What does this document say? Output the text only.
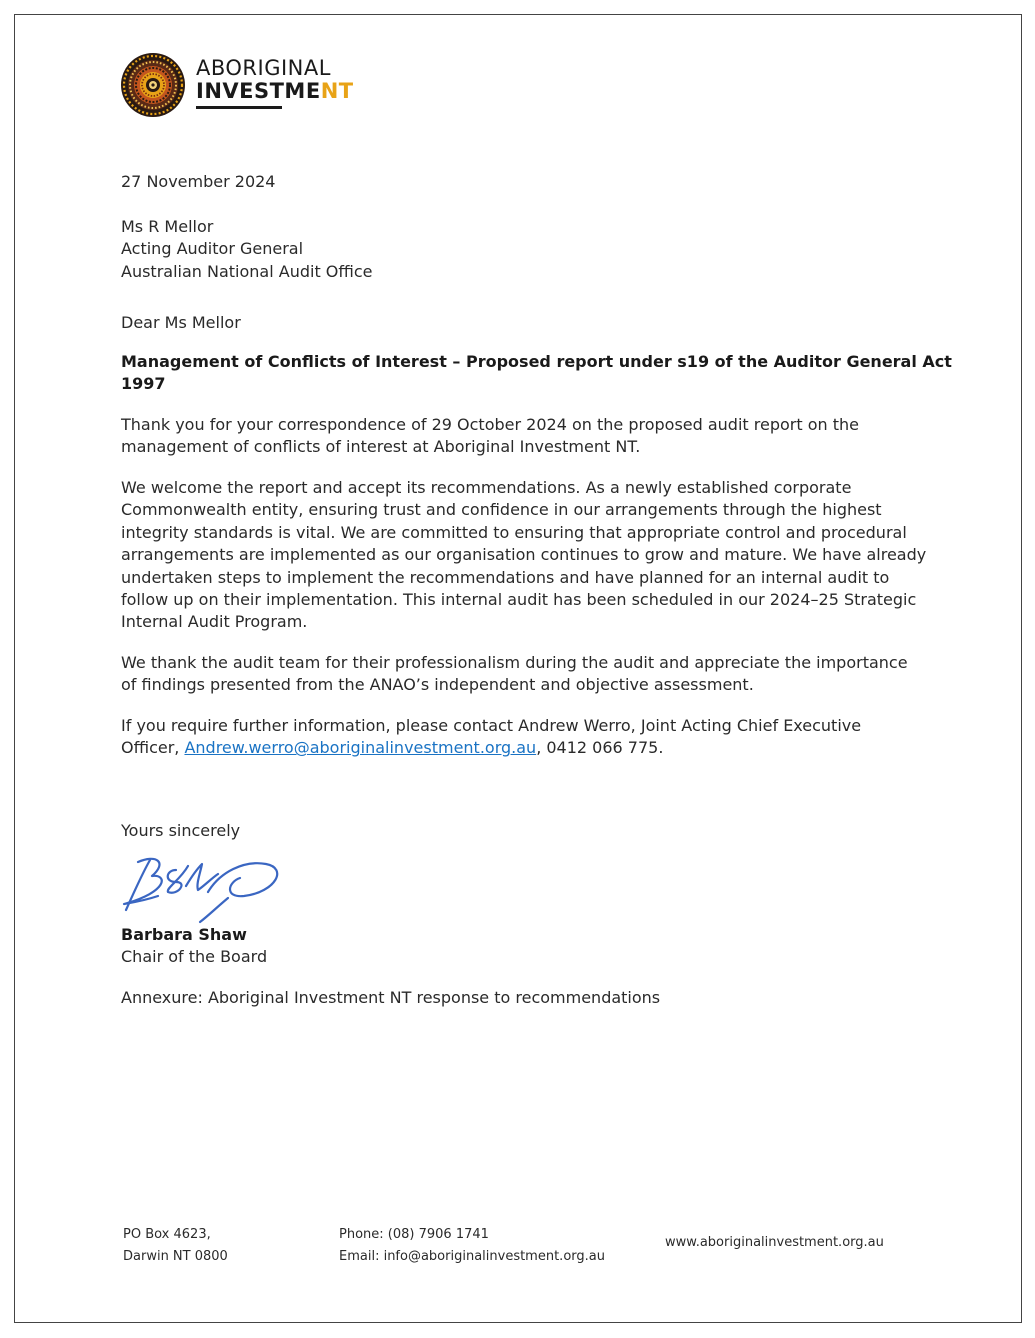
ABORIGINAL
INVESTMENT
27 November 2024
Ms R Mellor
Acting Auditor General
Australian National Audit Office
Dear Ms Mellor
Management of Conflicts of Interest – Proposed report under s19 of the Auditor General Act
1997
Thank you for your correspondence of 29 October 2024 on the proposed audit report on the
management of conflicts of interest at Aboriginal Investment NT.
We welcome the report and accept its recommendations. As a newly established corporate
Commonwealth entity, ensuring trust and confidence in our arrangements through the highest
integrity standards is vital. We are committed to ensuring that appropriate control and procedural
arrangements are implemented as our organisation continues to grow and mature. We have already
undertaken steps to implement the recommendations and have planned for an internal audit to
follow up on their implementation. This internal audit has been scheduled in our 2024–25 Strategic
Internal Audit Program.
We thank the audit team for their professionalism during the audit and appreciate the importance
of findings presented from the ANAO’s independent and objective assessment.
If you require further information, please contact Andrew Werro, Joint Acting Chief Executive
Officer, Andrew.werro@aboriginalinvestment.org.au, 0412 066 775.
Yours sincerely
Barbara Shaw
Chair of the Board
Annexure: Aboriginal Investment NT response to recommendations
PO Box 4623,
Darwin NT 0800
Phone: (08) 7906 1741
Email: info@aboriginalinvestment.org.au
www.aboriginalinvestment.org.au
